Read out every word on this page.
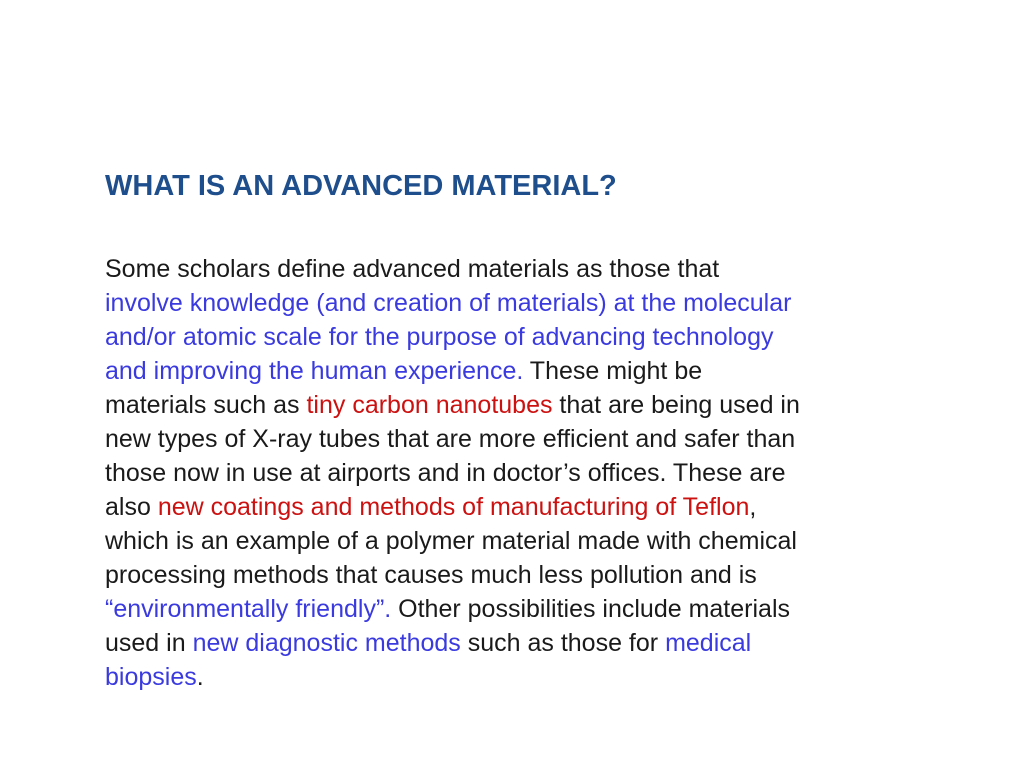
WHAT IS AN ADVANCED MATERIAL?
Some scholars define advanced materials as those that
involve knowledge (and creation of materials) at the molecular
and/or atomic scale for the purpose of advancing technology
and improving the human experience. These might be
materials such as tiny carbon nanotubes that are being used in
new types of X-ray tubes that are more efficient and safer than
those now in use at airports and in doctor’s offices. These are
also new coatings and methods of manufacturing of Teflon,
which is an example of a polymer material made with chemical
processing methods that causes much less pollution and is
“environmentally friendly”. Other possibilities include materials
used in new diagnostic methods such as those for medical
biopsies.
